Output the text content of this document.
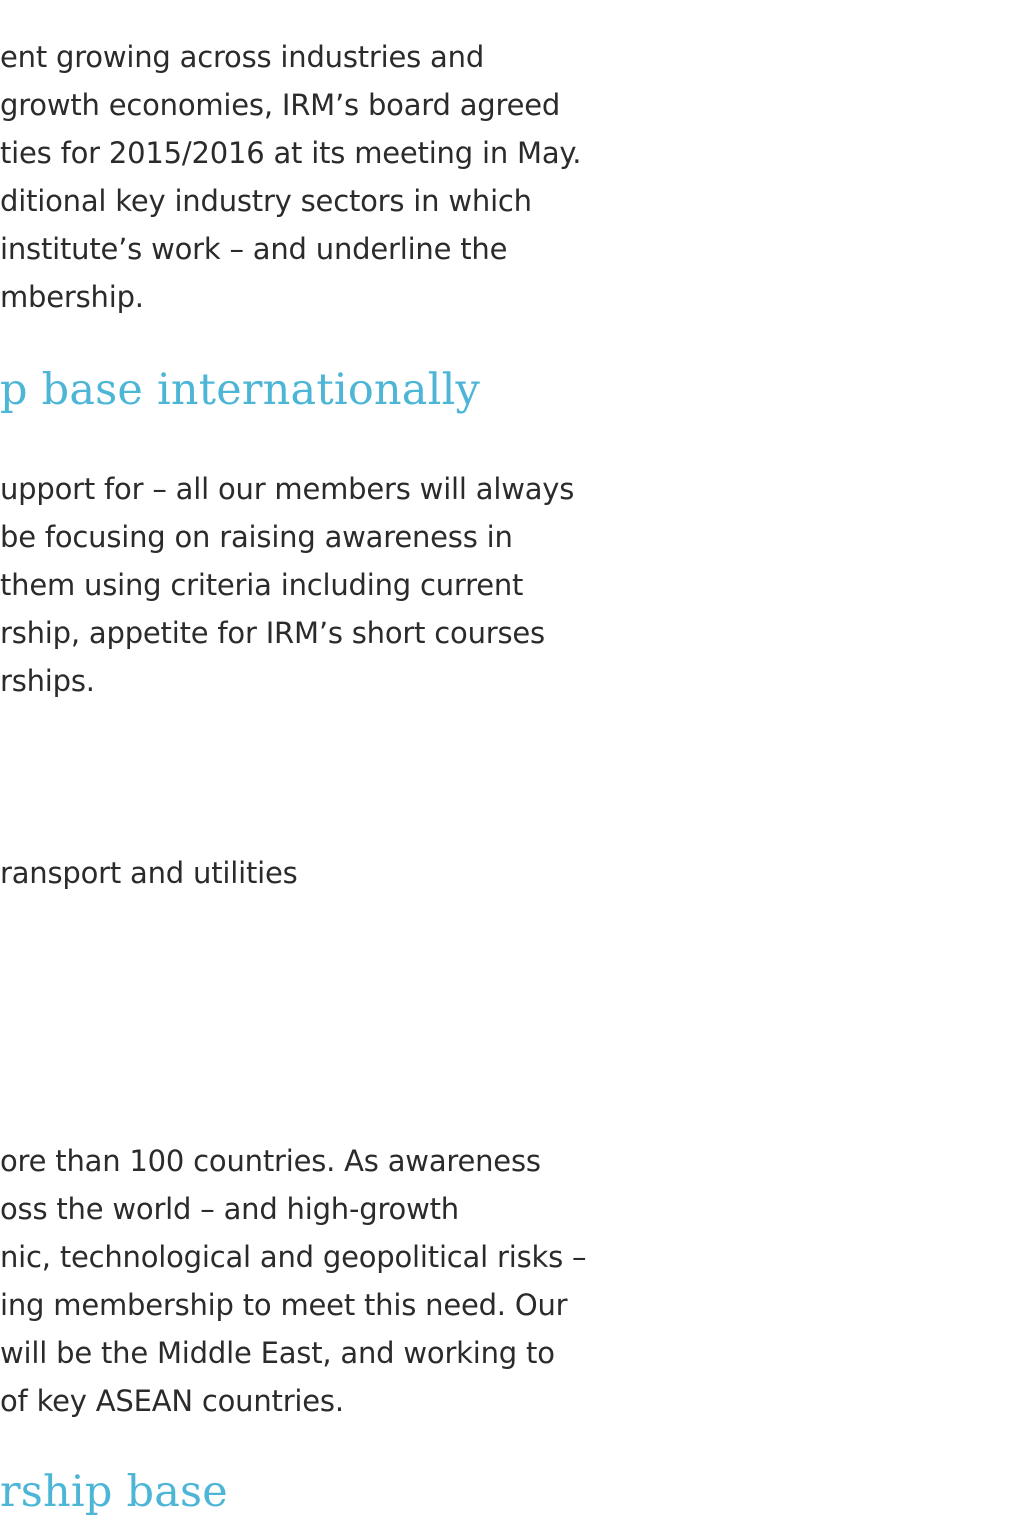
ent growing across industries and
growth economies, IRM’s board agreed
ties for 2015/2016 at its meeting in May.
ditional key industry sectors in which
institute’s work – and underline the
mbership.
p base internationally
upport for – all our members will always
be focusing on raising awareness in
them using criteria including current
rship, appetite for IRM’s short courses
rships.
ransport and utilities
ore than 100 countries. As awareness
oss the world – and high-growth
nic, technological and geopolitical risks –
ing membership to meet this need. Our
will be the Middle East, and working to
of key ASEAN countries.
rship base
